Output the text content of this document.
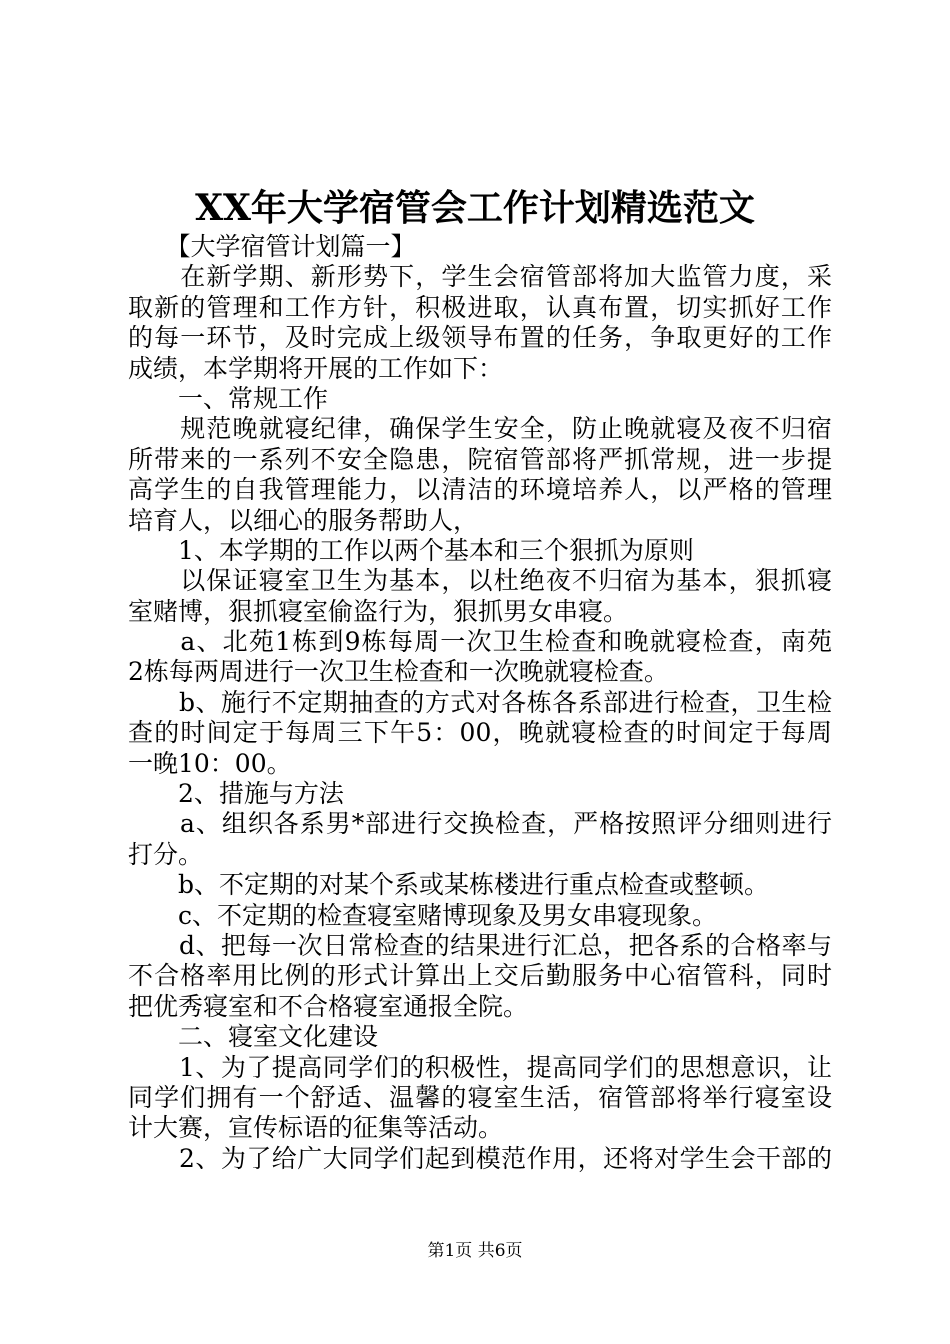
XX年大学宿管会工作计划精选范文
　　【大学宿管计划篇一】
　　在新学期、新形势下，学生会宿管部将加大监管力度，采
取新的管理和工作方针，积极进取，认真布置，切实抓好工作
的每一环节，及时完成上级领导布置的任务，争取更好的工作
成绩，本学期将开展的工作如下：
　　一、常规工作
　　规范晚就寝纪律，确保学生安全，防止晚就寝及夜不归宿
所带来的一系列不安全隐患，院宿管部将严抓常规，进一步提
高学生的自我管理能力，以清洁的环境培养人，以严格的管理
培育人，以细心的服务帮助人，
　　1、本学期的工作以两个基本和三个狠抓为原则
　　以保证寝室卫生为基本，以杜绝夜不归宿为基本，狠抓寝
室赌博，狠抓寝室偷盗行为，狠抓男女串寝。
　　a、北苑1栋到9栋每周一次卫生检查和晚就寝检查，南苑
2栋每两周进行一次卫生检查和一次晚就寝检查。
　　b、施行不定期抽查的方式对各栋各系部进行检查，卫生检
查的时间定于每周三下午5：00，晚就寝检查的时间定于每周
一晚10：00。
　　2、措施与方法
　　a、组织各系男*部进行交换检查，严格按照评分细则进行
打分。
　　b、不定期的对某个系或某栋楼进行重点检查或整顿。
　　c、不定期的检查寝室赌博现象及男女串寝现象。
　　d、把每一次日常检查的结果进行汇总，把各系的合格率与
不合格率用比例的形式计算出上交后勤服务中心宿管科，同时
把优秀寝室和不合格寝室通报全院。
　　二、寝室文化建设
　　1、为了提高同学们的积极性，提高同学们的思想意识，让
同学们拥有一个舒适、温馨的寝室生活，宿管部将举行寝室设
计大赛，宣传标语的征集等活动。
　　2、为了给广大同学们起到模范作用，还将对学生会干部的
第1页 共6页
